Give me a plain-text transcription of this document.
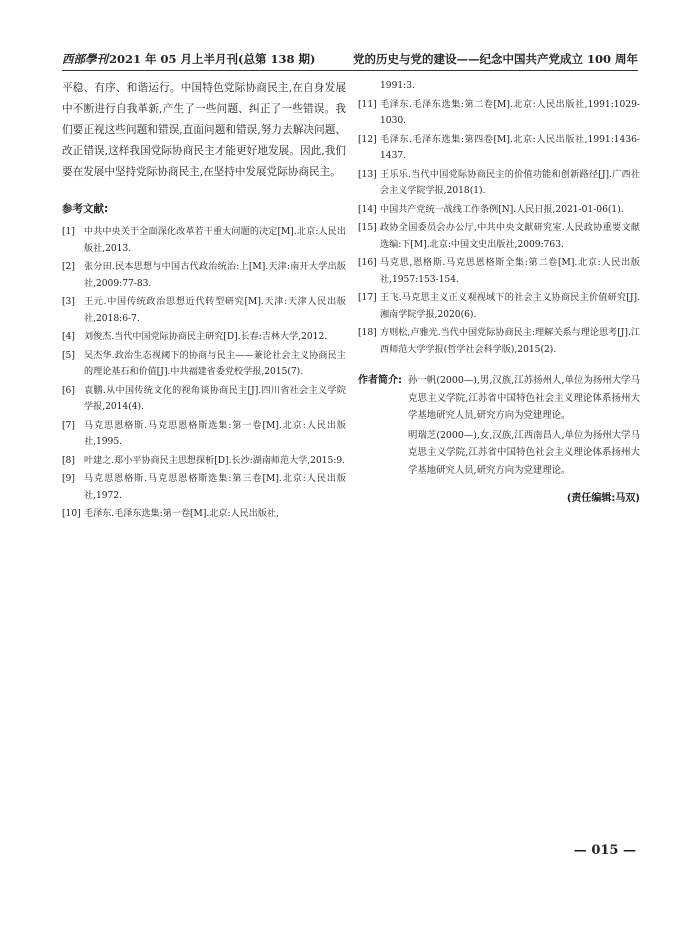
西部學刊2021 年 05 月上半月刊(总第 138 期)	党的历史与党的建设——纪念中国共产党成立 100 周年

平稳、有序、和谐运行。中国特色党际协商民主,在自身发展中不断进行自我革新,产生了一些问题、纠正了一些错误。我们要正视这些问题和错误,直面问题和错误,努力去解决问题、改正错误,这样我国党际协商民主才能更好地发展。因此,我们要在发展中坚持党际协商民主,在坚持中发展党际协商民主。

参考文献:
[1] 中共中央关于全面深化改革若干重大问题的决定[M].北京:人民出版社,2013.
[2] 张分田.民本思想与中国古代政治统治:上[M].天津:南开大学出版社,2009:77-83.
[3] 王元.中国传统政治思想近代转型研究[M].天津:天津人民出版社,2018:6-7.
[4] 刘俊杰.当代中国党际协商民主研究[D].长春:吉林大学,2012.
[5] 吴杰华.政治生态视阈下的协商与民主——兼论社会主义协商民主的理论基石和价值[J].中共福建省委党校学报,2015(7).
[6] 袁鹏.从中国传统文化的视角谈协商民主[J].四川省社会主义学院学报,2014(4).
[7] 马克思恩格斯.马克思恩格斯选集:第一卷[M].北京:人民出版社,1995.
[8] 叶建之.郑小平协商民主思想探析[D].长沙:湖南师范大学,2015:9.
[9] 马克思恩格斯.马克思恩格斯选集:第三卷[M].北京:人民出版社,1972.
[10] 毛泽东.毛泽东选集:第一卷[M].北京:人民出版社,
1991:3.
[11] 毛泽东.毛泽东选集:第二卷[M].北京:人民出版社,1991:1029-1030.
[12] 毛泽东.毛泽东选集:第四卷[M].北京:人民出版社,1991:1436-1437.
[13] 王乐乐.当代中国党际协商民主的价值功能和创新路径[J].广西社会主义学院学报,2018(1).
[14] 中国共产党统一战线工作条例[N].人民日报,2021-01-06(1).
[15] 政协全国委员会办公厅,中共中央文献研究室.人民政协重要文献选编:下[M].北京:中国文史出版社,2009:763.
[16] 马克思,恩格斯.马克思恩格斯全集:第二卷[M].北京:人民出版社,1957:153-154.
[17] 王飞.马克思主义正义观视域下的社会主义协商民主价值研究[J].湘南学院学报,2020(6).
[18] 方则松,卢雅光.当代中国党际协商民主:理解关系与理论思考[J].江西师范大学学报(哲学社会科学版),2015(2).
作者简介: 孙一帆(2000—),男,汉族,江苏扬州人,单位为扬州大学马克思主义学院,江苏省中国特色社会主义理论体系扬州大学基地研究人员,研究方向为党建理论。

明瑞芝(2000—),女,汉族,江西南昌人,单位为扬州大学马克思主义学院,江苏省中国特色社会主义理论体系扬州大学基地研究人员,研究方向为党建理论。

(责任编辑:马双)
— 015 —
